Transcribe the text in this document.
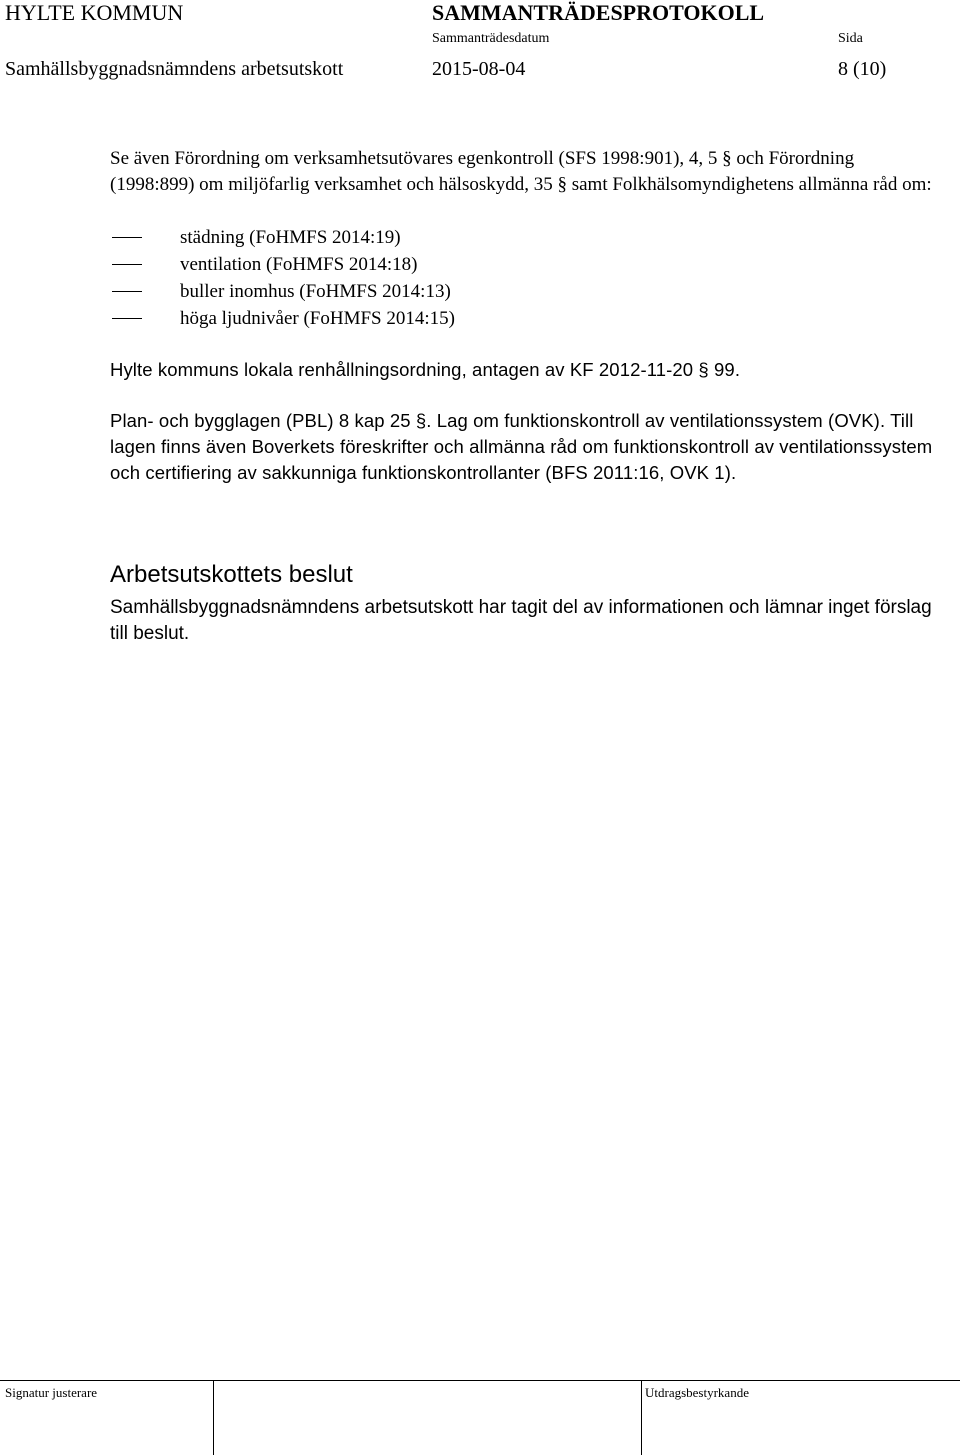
HYLTE KOMMUN	SAMMANTRÄDESPROTOKOLL
Sammanträdesdatum	Sida
Samhällsbyggnadsnämndens arbetsutskott	2015-08-04	8 (10)
Se även Förordning om verksamhetsutövares egenkontroll (SFS 1998:901), 4, 5 § och Förordning (1998:899) om miljöfarlig verksamhet och hälsoskydd, 35 § samt Folkhälsomyndighetens allmänna råd om:
städning (FoHMFS 2014:19)
ventilation (FoHMFS 2014:18)
buller inomhus (FoHMFS 2014:13)
höga ljudnivåer (FoHMFS 2014:15)
Hylte kommuns lokala renhållningsordning, antagen av KF 2012-11-20 § 99.
Plan- och bygglagen (PBL) 8 kap 25 §. Lag om funktionskontroll av ventilationssystem (OVK). Till lagen finns även Boverkets föreskrifter och allmänna råd om funktionskontroll av ventilationssystem och certifiering av sakkunniga funktionskontrollanter (BFS 2011:16, OVK 1).
Arbetsutskottets beslut
Samhällsbyggnadsnämndens arbetsutskott har tagit del av informationen och lämnar inget förslag till beslut.
Signatur justerare	Utdragsbestyrkande
